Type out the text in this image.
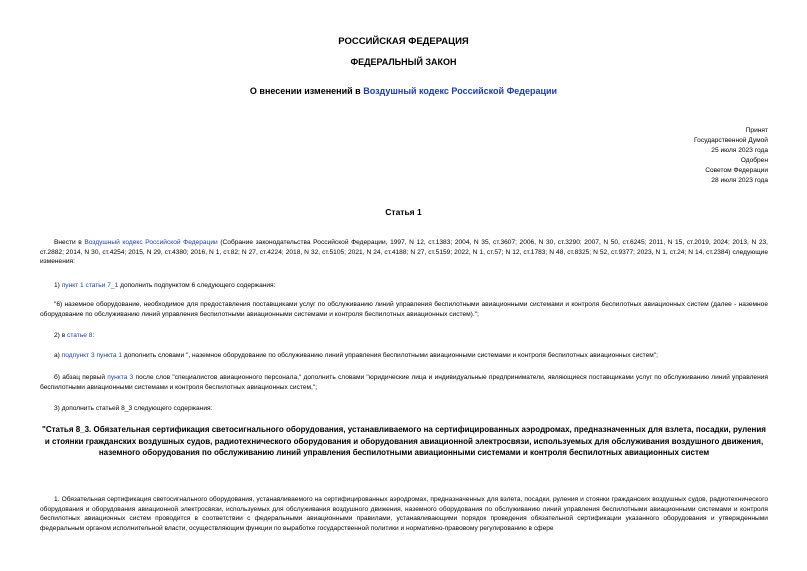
РОССИЙСКАЯ ФЕДЕРАЦИЯ
ФЕДЕРАЛЬНЫЙ ЗАКОН
О внесении изменений в Воздушный кодекс Российской Федерации
Принят
Государственной Думой
25 июля 2023 года
Одобрен
Советом Федерации
28 июля 2023 года
Статья 1
Внести в Воздушный кодекс Российской Федерации (Собрание законодательства Российской Федерации, 1997, N 12, ст.1383; 2004, N 35, ст.3607; 2006, N 30, ст.3290; 2007, N 50, ст.6245; 2011, N 15, ст.2019, 2024; 2013, N 23, ст.2882; 2014, N 30, ст.4254; 2015, N 29, ст.4380; 2016, N 1, ст.82; N 27, ст.4224; 2018, N 32, ст.5105; 2021, N 24, ст.4188; N 27, ст.5159; 2022, N 1, ст.57; N 12, ст.1783; N 48, ст.8325; N 52, ст.9377; 2023, N 1, ст.24; N 14, ст.2384) следующие изменения:
1) пункт 1 статьи 7_1 дополнить подпунктом 6 следующего содержания:
"6) наземное оборудование, необходимое для предоставления поставщиками услуг по обслуживанию линий управления беспилотными авиационными системами и контроля беспилотных авиационных систем (далее - наземное оборудование по обслуживанию линий управления беспилотными авиационными системами и контроля беспилотных авиационных систем).";
2) в статье 8:
а) подпункт 3 пункта 1 дополнить словами ", наземное оборудование по обслуживанию линий управления беспилотными авиационными системами и контроля беспилотных авиационных систем";
б) абзац первый пункта 3 после слов "специалистов авиационного персонала," дополнить словами "юридические лица и индивидуальные предприниматели, являющиеся поставщиками услуг по обслуживанию линий управления беспилотными авиационными системами и контроля беспилотных авиационных систем,";
3) дополнить статьей 8_3 следующего содержания:
"Статья 8_3. Обязательная сертификация светосигнального оборудования, устанавливаемого на сертифицированных аэродромах, предназначенных для взлета, посадки, руления и стоянки гражданских воздушных судов, радиотехнического оборудования и оборудования авиационной электросвязи, используемых для обслуживания воздушного движения, наземного оборудования по обслуживанию линий управления беспилотными авиационными системами и контроля беспилотных авиационных систем
1. Обязательная сертификация светосигнального оборудования, устанавливаемого на сертифицированных аэродромах, предназначенных для взлета, посадки, руления и стоянки гражданских воздушных судов, радиотехнического оборудования и оборудования авиационной электросвязи, используемых для обслуживания воздушного движения, наземного оборудования по обслуживанию линий управления беспилотными авиационными системами и контроля беспилотных авиационных систем проводится в соответствии с федеральными авиационными правилами, устанавливающими порядок проведения обязательной сертификации указанного оборудования и утвержденными федеральным органом исполнительной власти, осуществляющим функции по выработке государственной политики и нормативно-правовому регулированию в сфере
